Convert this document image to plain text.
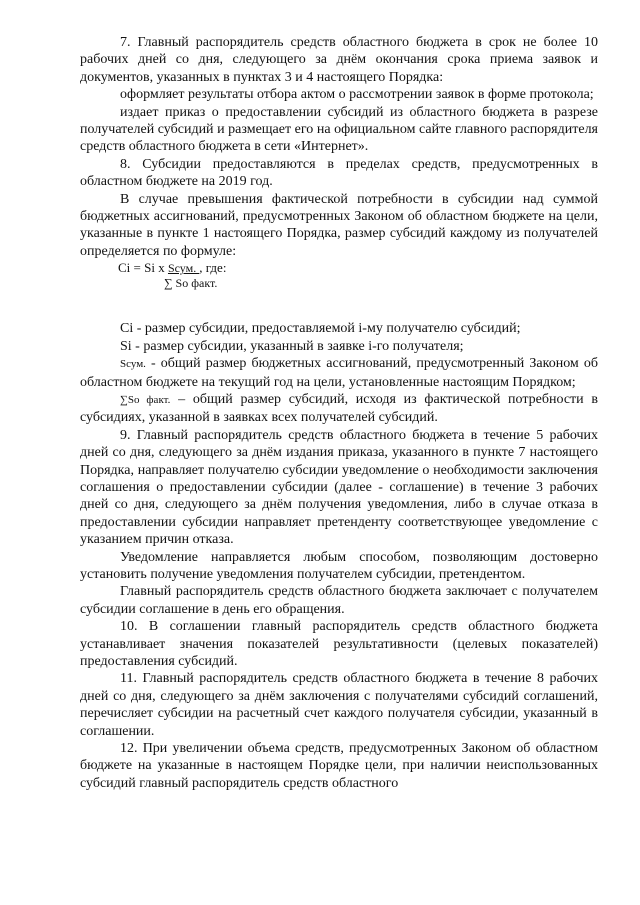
7. Главный распорядитель средств областного бюджета в срок не более 10 рабочих дней со дня, следующего за днём окончания срока приема заявок и документов, указанных в пунктах 3 и 4 настоящего Порядка:

оформляет результаты отбора актом о рассмотрении заявок в форме протокола;

издает приказ о предоставлении субсидий из областного бюджета в разрезе получателей субсидий и размещает его на официальном сайте главного распорядителя средств областного бюджета в сети «Интернет».

8. Субсидии предоставляются в пределах средств, предусмотренных в областном бюджете на 2019 год.

В случае превышения фактической потребности в субсидии над суммой бюджетных ассигнований, предусмотренных Законом об областном бюджете на цели, указанные в пункте 1 настоящего Порядка, размер субсидий каждому из получателей определяется по формуле:

Ci = Si x Sсум. , где:
∑ So факт.

Ci - размер субсидии, предоставляемой i-му получателю субсидий;

Si - размер субсидии, указанный в заявке i-го получателя;

Sсум. - общий размер бюджетных ассигнований, предусмотренный Законом об областном бюджете на текущий год на цели, установленные настоящим Порядком;

∑So факт. – общий размер субсидий, исходя из фактической потребности в субсидиях, указанной в заявках всех получателей субсидий.

9. Главный распорядитель средств областного бюджета в течение 5 рабочих дней со дня, следующего за днём издания приказа, указанного в пункте 7 настоящего Порядка, направляет получателю субсидии уведомление о необходимости заключения соглашения о предоставлении субсидии (далее - соглашение) в течение 3 рабочих дней со дня, следующего за днём получения уведомления, либо в случае отказа в предоставлении субсидии направляет претенденту соответствующее уведомление с указанием причин отказа.

Уведомление направляется любым способом, позволяющим достоверно установить получение уведомления получателем субсидии, претендентом.

Главный распорядитель средств областного бюджета заключает с получателем субсидии соглашение в день его обращения.

10. В соглашении главный распорядитель средств областного бюджета устанавливает значения показателей результативности (целевых показателей) предоставления субсидий.

11. Главный распорядитель средств областного бюджета в течение 8 рабочих дней со дня, следующего за днём заключения с получателями субсидий соглашений, перечисляет субсидии на расчетный счет каждого получателя субсидии, указанный в соглашении.

12. При увеличении объема средств, предусмотренных Законом об областном бюджете на указанные в настоящем Порядке цели, при наличии неиспользованных субсидий главный распорядитель средств областного
